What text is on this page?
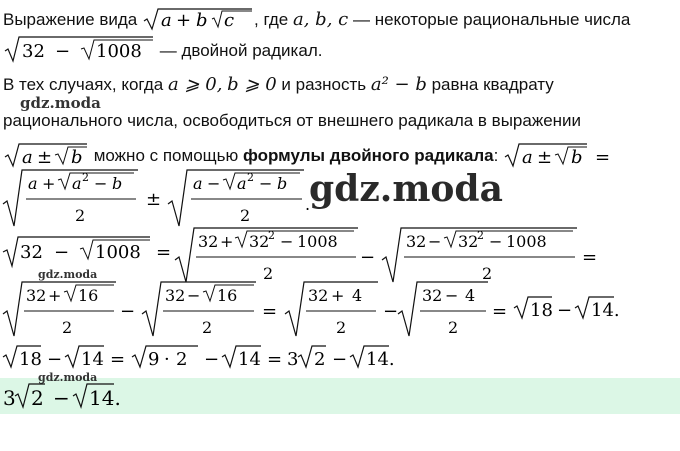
Выражение вида a + b c , где a, b, c — некоторые рациональные числа
32 − 1008 — двойной радикал.
В тех случаях, когда a ⩾ 0, b ⩾ 0 и разность a² − b равна квадрату
gdz.moda
рационального числа, освободиться от внешнего радикала в выражении
a ± b можно с помощью формулы двойного радикала: a ± b =
a + a 2 − b
2
±
a − a 2 − b
2
.
gdz.moda
32 − 1008 =
32 + 32
2 − 1008
2
−
32 − 32
2 − 1008
2
=
gdz.moda
32 + 16
2
−
32 − 16
2
=
32 + 4
2
−
32 − 4
2
= 18 − 14.
18 − 14 = 9 · 2 − 14 = 3 2 − 14.
gdz.moda
3 2 − 14.
